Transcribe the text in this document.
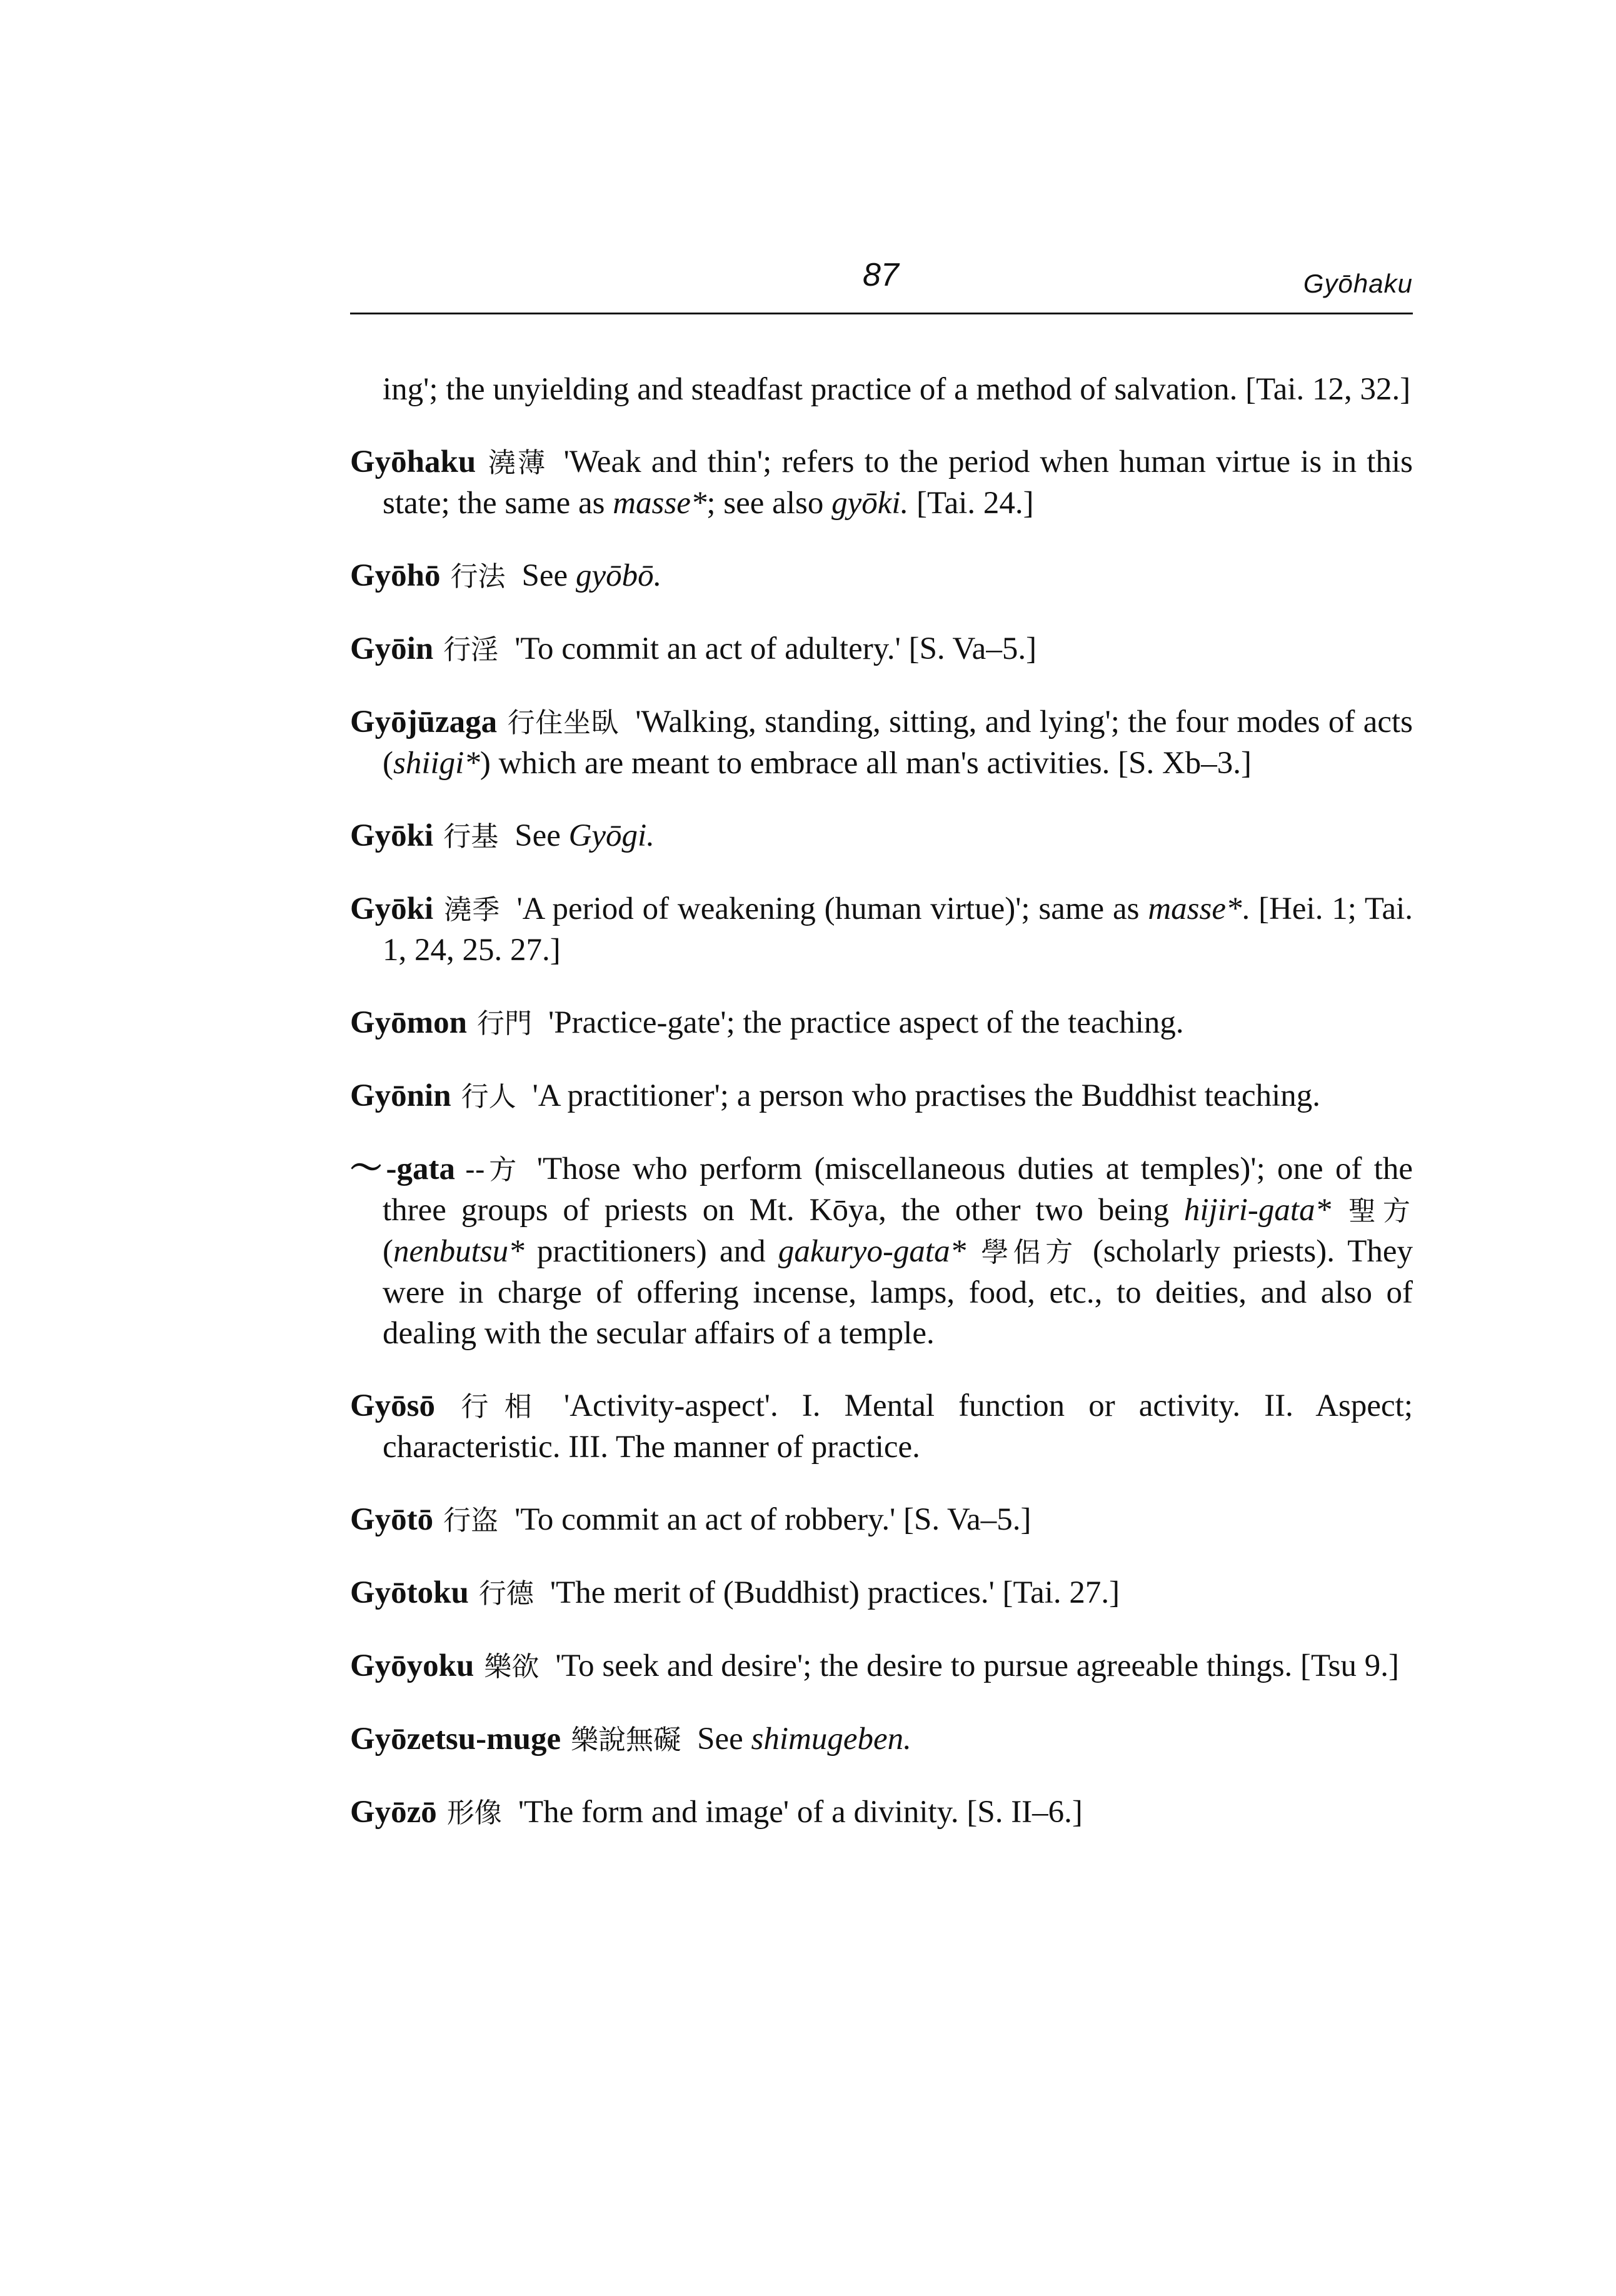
87	Gyōhaku

ing'; the unyielding and steadfast practice of a method of salvation. [Tai. 12, 32.]

Gyōhaku 澆薄 'Weak and thin'; refers to the period when human virtue is in this state; the same as masse*; see also gyōki. [Tai. 24.]

Gyōhō 行法 See gyōbō.

Gyōin 行淫 'To commit an act of adultery.' [S. Va–5.]

Gyōjūzaga 行住坐臥 'Walking, standing, sitting, and lying'; the four modes of acts (shiigi*) which are meant to embrace all man's activities. [S. Xb–3.]

Gyōki 行基 See Gyōgi.

Gyōki 澆季 'A period of weakening (human virtue)'; same as masse*. [Hei. 1; Tai. 1, 24, 25. 27.]

Gyōmon 行門 'Practice-gate'; the practice aspect of the teaching.

Gyōnin 行人 'A practitioner'; a person who practises the Buddhist teaching.

～-gata --方 'Those who perform (miscellaneous duties at temples)'; one of the three groups of priests on Mt. Kōya, the other two being hijiri-gata* 聖方 (nenbutsu* practitioners) and gakuryo-gata* 學侶方 (scholarly priests). They were in charge of offering incense, lamps, food, etc., to deities, and also of dealing with the secular affairs of a temple.

Gyōsō 行相 'Activity-aspect'. I. Mental function or activity. II. Aspect; characteristic. III. The manner of practice.

Gyōtō 行盗 'To commit an act of robbery.' [S. Va–5.]

Gyōtoku 行德 'The merit of (Buddhist) practices.' [Tai. 27.]

Gyōyoku 樂欲 'To seek and desire'; the desire to pursue agreeable things. [Tsu 9.]

Gyōzetsu-muge 樂說無礙 See shimugeben.

Gyōzō 形像 'The form and image' of a divinity. [S. II–6.]
